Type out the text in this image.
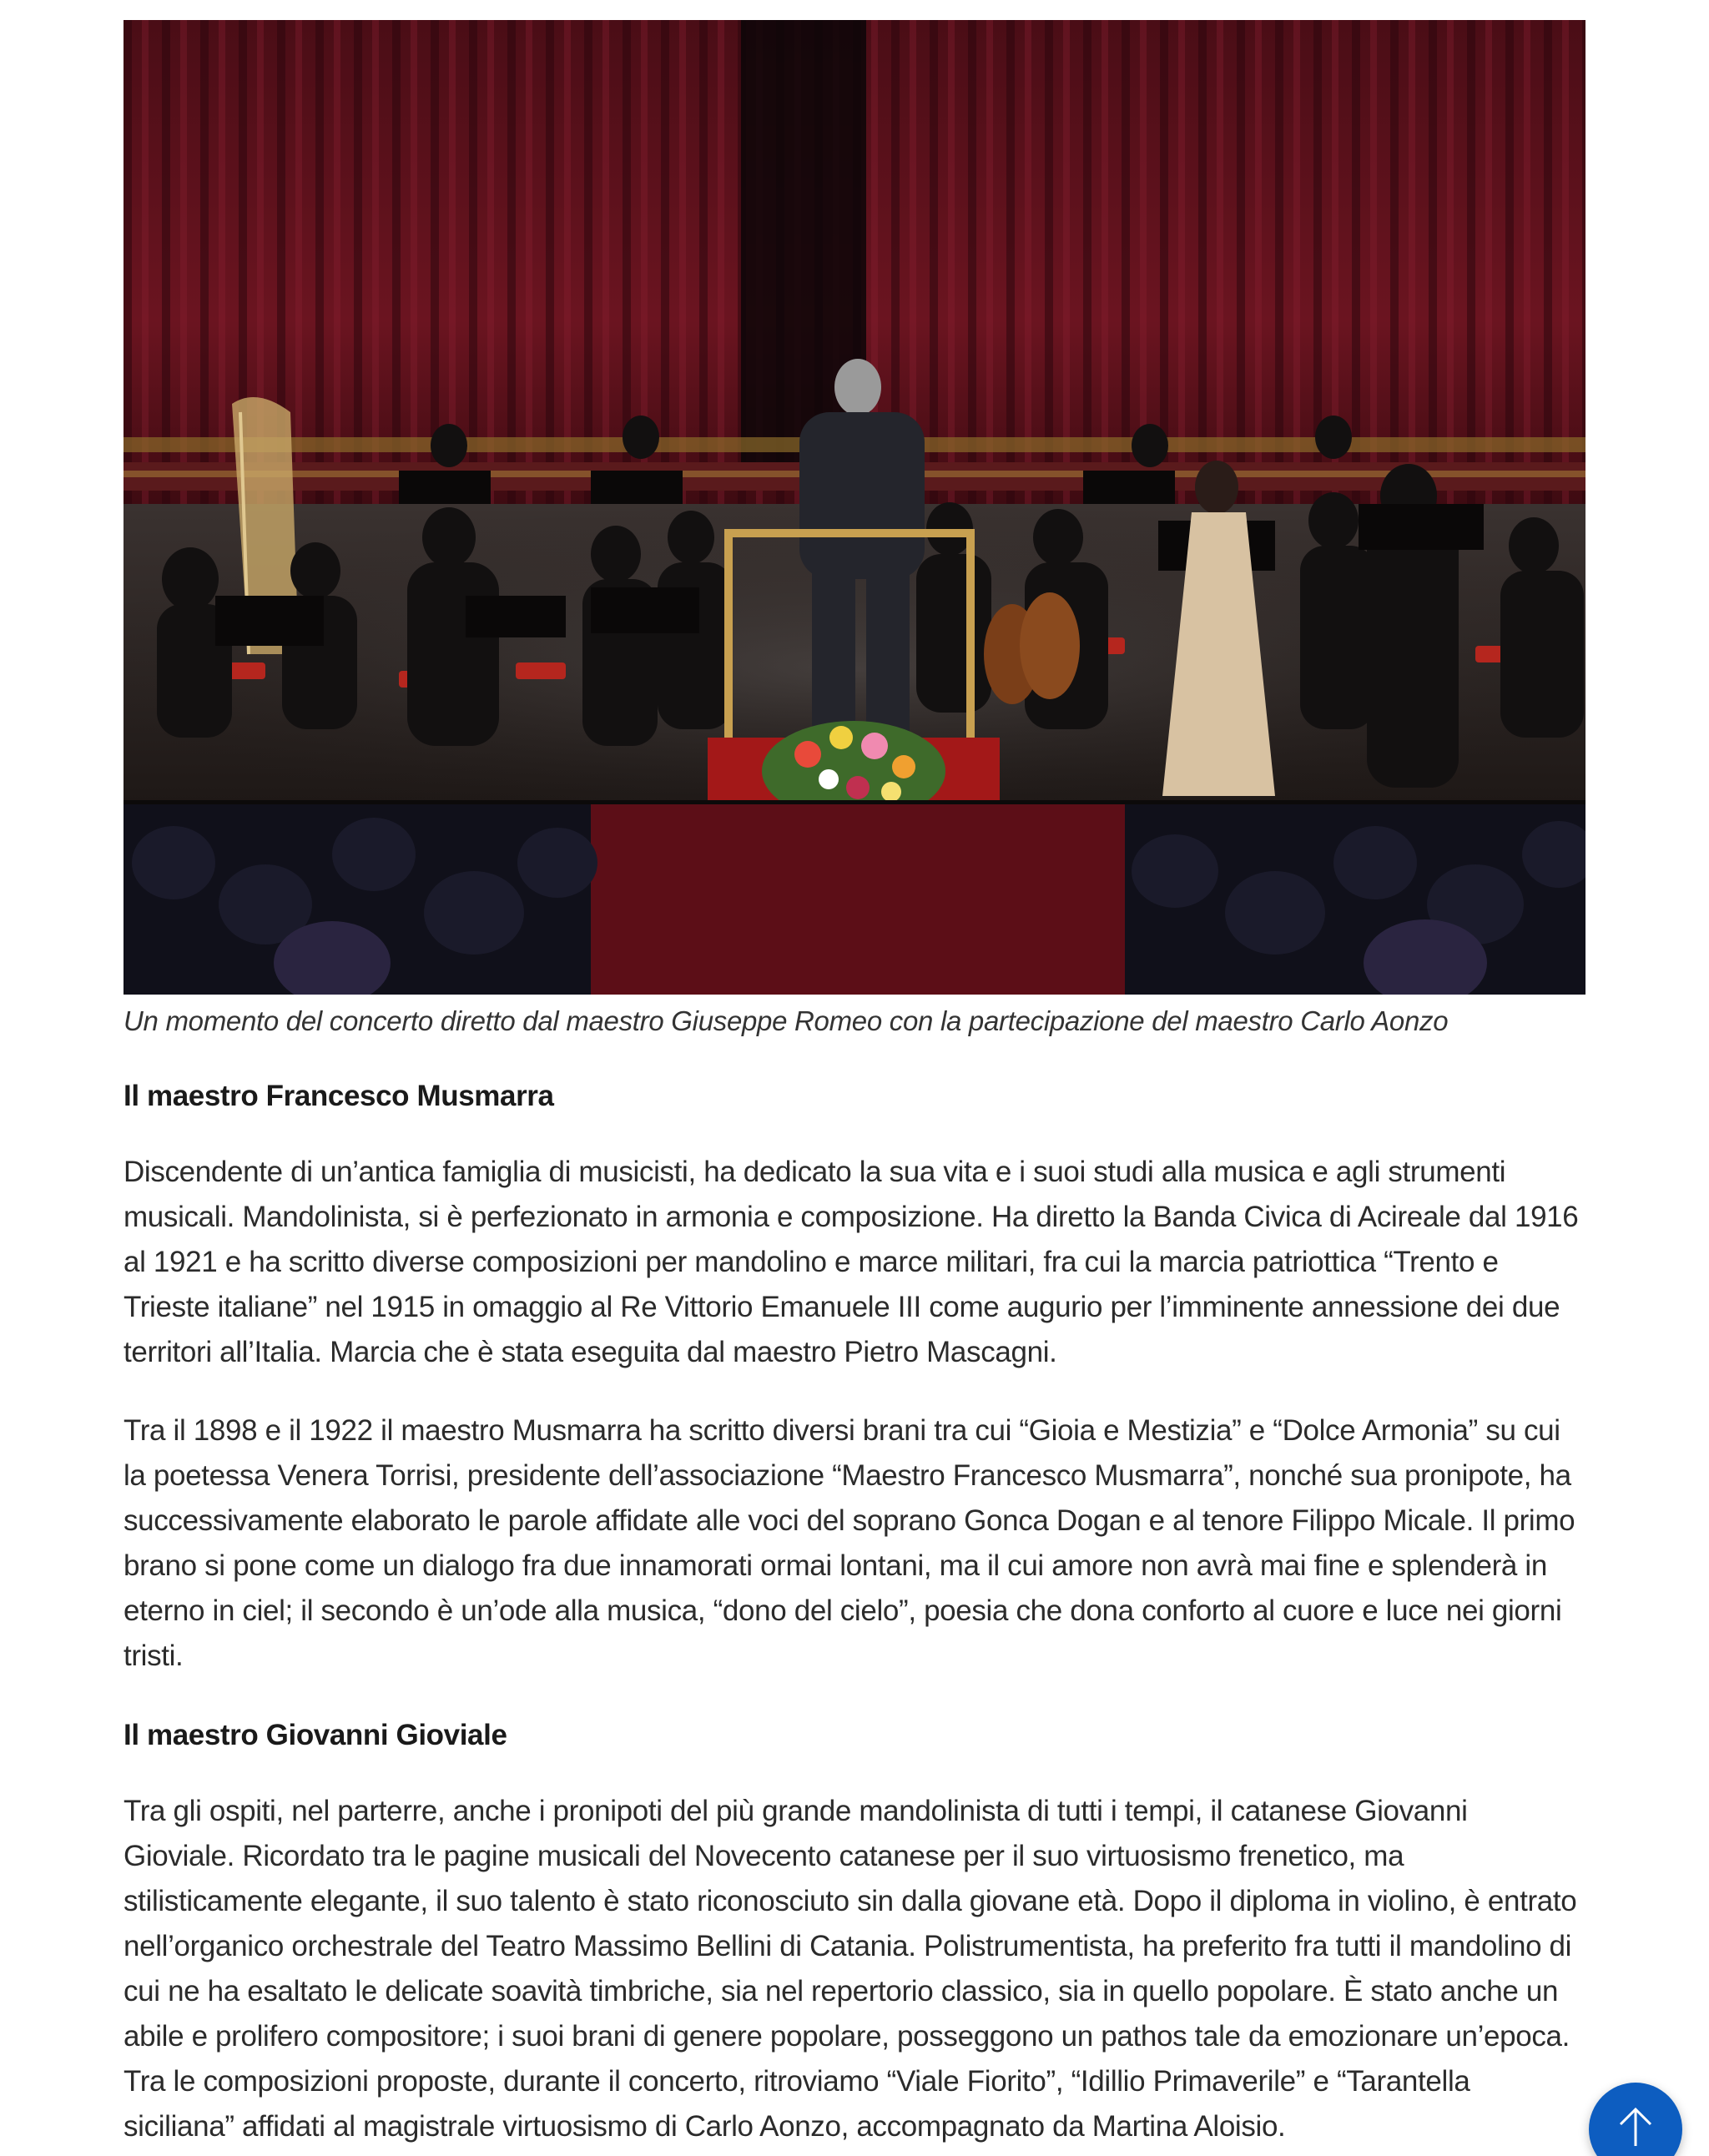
Un momento del concerto diretto dal maestro Giuseppe Romeo con la partecipazione del maestro Carlo Aonzo
Il maestro Francesco Musmarra

Discendente di un’antica famiglia di musicisti, ha dedicato la sua vita e i suoi studi alla musica e agli strumenti musicali. Mandolinista, si è perfezionato in armonia e composizione. Ha diretto la Banda Civica di Acireale dal 1916 al 1921 e ha scritto diverse composizioni per mandolino e marce militari, fra cui la marcia patriottica “Trento e Trieste italiane” nel 1915 in omaggio al Re Vittorio Emanuele III come augurio per l’imminente annessione dei due territori all’Italia. Marcia che è stata eseguita dal maestro Pietro Mascagni.

Tra il 1898 e il 1922 il maestro Musmarra ha scritto diversi brani tra cui “Gioia e Mestizia” e “Dolce Armonia” su cui la poetessa Venera Torrisi, presidente dell’associazione “Maestro Francesco Musmarra”, nonché sua pronipote, ha successivamente elaborato le parole affidate alle voci del soprano Gonca Dogan e al tenore Filippo Micale. Il primo brano si pone come un dialogo fra due innamorati ormai lontani, ma il cui amore non avrà mai fine e splenderà in eterno in ciel; il secondo è un’ode alla musica, “dono del cielo”, poesia che dona conforto al cuore e luce nei giorni tristi.

Il maestro Giovanni Gioviale

Tra gli ospiti, nel parterre, anche i pronipoti del più grande mandolinista di tutti i tempi, il catanese Giovanni Gioviale. Ricordato tra le pagine musicali del Novecento catanese per il suo virtuosismo frenetico, ma stilisticamente elegante, il suo talento è stato riconosciuto sin dalla giovane età. Dopo il diploma in violino, è entrato nell’organico orchestrale del Teatro Massimo Bellini di Catania. Polistrumentista, ha preferito fra tutti il mandolino di cui ne ha esaltato le delicate soavità timbriche, sia nel repertorio classico, sia in quello popolare. È stato anche un abile e prolifero compositore; i suoi brani di genere popolare, posseggono un pathos tale da emozionare un’epoca. Tra le composizioni proposte, durante il concerto, ritroviamo “Viale Fiorito”, “Idillio Primaverile” e “Tarantella siciliana” affidati al magistrale virtuosismo di Carlo Aonzo, accompagnato da Martina Aloisio.
